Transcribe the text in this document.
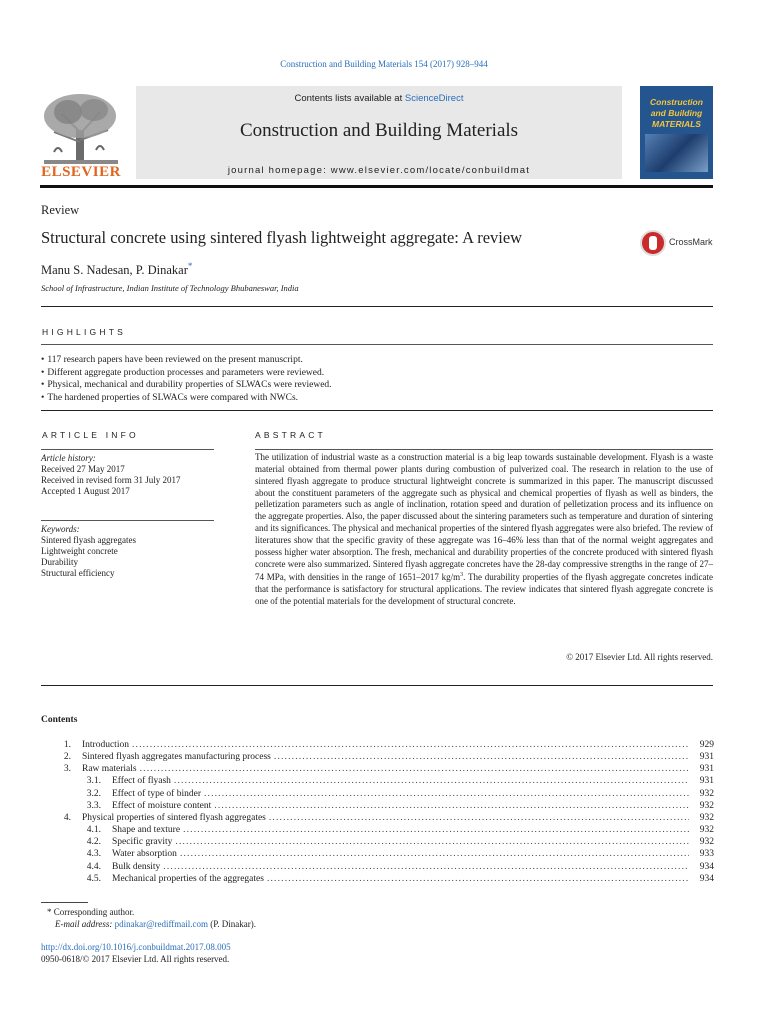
Construction and Building Materials 154 (2017) 928–944
ELSEVIER
Contents lists available at ScienceDirect
Construction and Building Materials
journal homepage: www.elsevier.com/locate/conbuildmat
Construction
and Building
MATERIALS
Review
Structural concrete using sintered flyash lightweight aggregate: A review	CrossMark
Manu S. Nadesan, P. Dinakar*
School of Infrastructure, Indian Institute of Technology Bhubaneswar, India
HIGHLIGHTS
• 117 research papers have been reviewed on the present manuscript.
• Different aggregate production processes and parameters were reviewed.
• Physical, mechanical and durability properties of SLWACs were reviewed.
• The hardened properties of SLWACs were compared with NWCs.
ARTICLE INFO
Article history:
Received 27 May 2017
Received in revised form 31 July 2017
Accepted 1 August 2017
Keywords:
Sintered flyash aggregates
Lightweight concrete
Durability
Structural efficiency
ABSTRACT
The utilization of industrial waste as a construction material is a big leap towards sustainable development. Flyash is a waste material obtained from thermal power plants during combustion of pulverized coal. The research in relation to the use of sintered flyash aggregate to produce structural lightweight concrete is summarized in this paper. The manuscript discussed about the constituent parameters of the aggregate such as physical and chemical properties of flyash as well as binders, the pelletization parameters such as angle of inclination, rotation speed and duration of pelletization process and its influence on the aggregate properties. Also, the paper discussed about the sintering parameters such as temperature and duration of sintering and its significances. The physical and mechanical properties of the sintered flyash aggregates were also briefed. The review of literatures show that the specific gravity of these aggregate was 16–46% less than that of the normal weight aggregates and possess higher water absorption. The fresh, mechanical and durability properties of the concrete produced with sintered flyash concrete were also summarized. Sintered flyash aggregate concretes have the 28-day compressive strengths in the range of 27–74 MPa, with densities in the range of 1651–2017 $kg/m^3$. The durability properties of the flyash aggregate concretes indicate that the performance is satisfactory for structural applications. The review indicates that sintered flyash aggregate concrete is one of the potential materials for the development of structural concrete.
© 2017 Elsevier Ltd. All rights reserved.
Contents
1. Introduction . . .	929
2. Sintered flyash aggregates manufacturing process . . .	931
3. Raw materials . . .	931
3.1. Effect of flyash . . .	931
3.2. Effect of type of binder . . .	932
3.3. Effect of moisture content . . .	932
4. Physical properties of sintered flyash aggregates . . .	932
4.1. Shape and texture . . .	932
4.2. Specific gravity . . .	932
4.3. Water absorption . . .	933
4.4. Bulk density . . .	934
4.5. Mechanical properties of the aggregates . . .	934
* Corresponding author.
E-mail address: pdinakar@rediffmail.com (P. Dinakar).
http://dx.doi.org/10.1016/j.conbuildmat.2017.08.005
0950-0618/© 2017 Elsevier Ltd. All rights reserved.
